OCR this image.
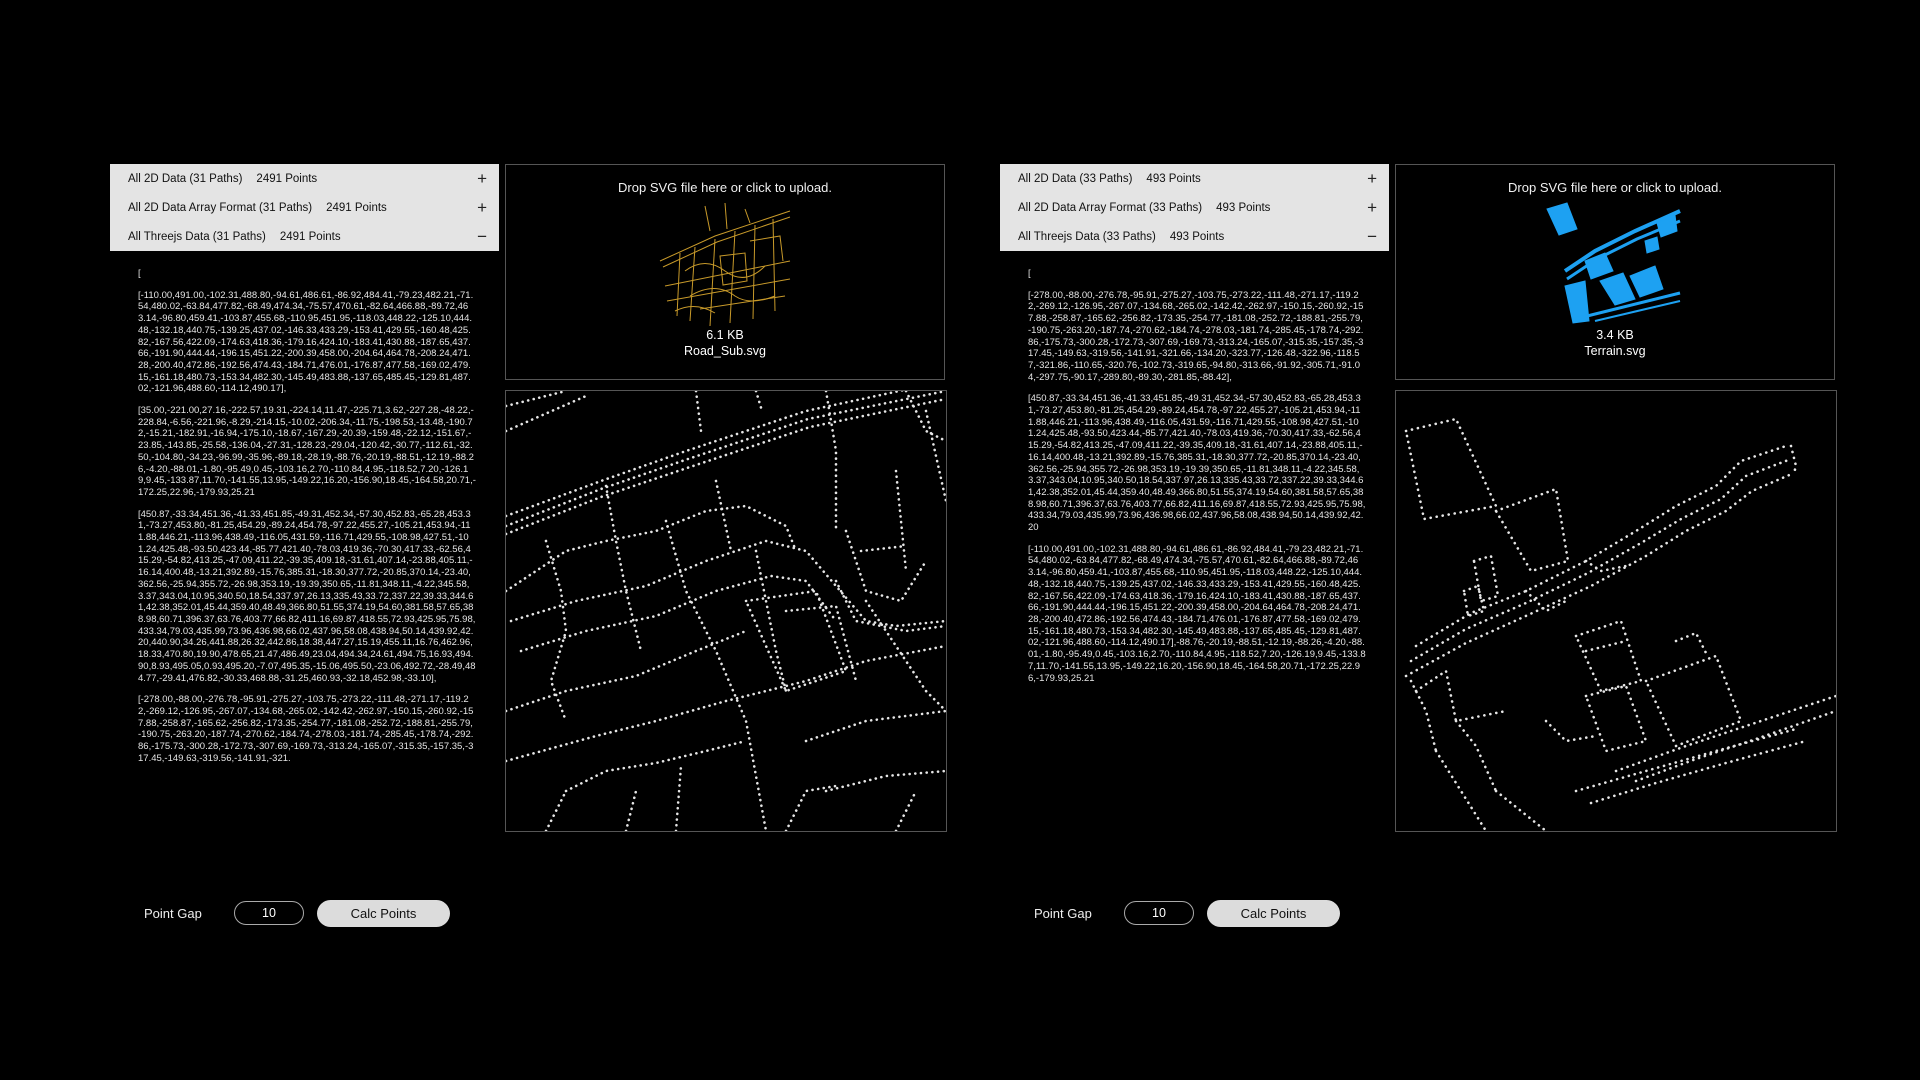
All 2D Data (31 Paths) 2491 Points	+
All 2D Data Array Format (31 Paths) 2491 Points	+
All Threejs Data (31 Paths) 2491 Points	−
[
[-110.00,491.00,-102.31,488.80,-94.61,486.61,-86.92,484.41,-79.23,482.21,-71.54,480.02,-63.84,477.82,-68.49,474.34,-75.57,470.61,-82.64,466.88,-89.72,463.14,-96.80,459.41,-103.87,455.68,-110.95,451.95,-118.03,448.22,-125.10,444.48,-132.18,440.75,-139.25,437.02,-146.33,433.29,-153.41,429.55,-160.48,425.82,-167.56,422.09,-174.63,418.36,-179.16,424.10,-183.41,430.88,-187.65,437.66,-191.90,444.44,-196.15,451.22,-200.39,458.00,-204.64,464.78,-208.24,471.28,-200.40,472.86,-192.56,474.43,-184.71,476.01,-176.87,477.58,-169.02,479.15,-161.18,480.73,-153.34,482.30,-145.49,483.88,-137.65,485.45,-129.81,487.02,-121.96,488.60,-114.12,490.17],
[35.00,-221.00,27.16,-222.57,19.31,-224.14,11.47,-225.71,3.62,-227.28,-48.22,-228.84,-6.56,-221.96,-8.29,-214.15,-10.02,-206.34,-11.75,-198.53,-13.48,-190.72,-15.21,-182.91,-16.94,-175.10,-18.67,-167.29,-20.39,-159.48,-22.12,-151.67,-23.85,-143.85,-25.58,-136.04,-27.31,-128.23,-29.04,-120.42,-30.77,-112.61,-32.50,-104.80,-34.23,-96.99,-35.96,-89.18,-28.19,-88.76,-20.19,-88.51,-12.19,-88.26,-4.20,-88.01,-1.80,-95.49,0.45,-103.16,2.70,-110.84,4.95,-118.52,7.20,-126.19,9.45,-133.87,11.70,-141.55,13.95,-149.22,16.20,-156.90,18.45,-164.58,20.71,-172.25,22.96,-179.93,25.21
[450.87,-33.34,451.36,-41.33,451.85,-49.31,452.34,-57.30,452.83,-65.28,453.31,-73.27,453.80,-81.25,454.29,-89.24,454.78,-97.22,455.27,-105.21,453.94,-111.88,446.21,-113.96,438.49,-116.05,431.59,-116.71,429.55,-108.98,427.51,-101.24,425.48,-93.50,423.44,-85.77,421.40,-78.03,419.36,-70.30,417.33,-62.56,415.29,-54.82,413.25,-47.09,411.22,-39.35,409.18,-31.61,407.14,-23.88,405.11,-16.14,400.48,-13.21,392.89,-15.76,385.31,-18.30,377.72,-20.85,370.14,-23.40,362.56,-25.94,355.72,-26.98,353.19,-19.39,350.65,-11.81,348.11,-4.22,345.58,3.37,343.04,10.95,340.50,18.54,337.97,26.13,335.43,33.72,337.22,39.33,344.61,42.38,352.01,45.44,359.40,48.49,366.80,51.55,374.19,54.60,381.58,57.65,388.98,60.71,396.37,63.76,403.77,66.82,411.16,69.87,418.55,72.93,425.95,75.98,433.34,79.03,435.99,73.96,436.98,66.02,437.96,58.08,438.94,50.14,439.92,42.20,440.90,34.26,441.88,26.32,442.86,18.38,447.27,15.19,455.11,16.76,462.96,18.33,470.80,19.90,478.65,21.47,486.49,23.04,494.34,24.61,494.75,16.93,494.90,8.93,495.05,0.93,495.20,-7.07,495.35,-15.06,495.50,-23.06,492.72,-28.49,484.77,-29.41,476.82,-30.33,468.88,-31.25,460.93,-32.18,452.98,-33.10],
[-278.00,-88.00,-276.78,-95.91,-275.27,-103.75,-273.22,-111.48,-271.17,-119.22,-269.12,-126.95,-267.07,-134.68,-265.02,-142.42,-262.97,-150.15,-260.92,-157.88,-258.87,-165.62,-256.82,-173.35,-254.77,-181.08,-252.72,-188.81,-255.79,-190.75,-263.20,-187.74,-270.62,-184.74,-278.03,-181.74,-285.45,-178.74,-292.86,-175.73,-300.28,-172.73,-307.69,-169.73,-313.24,-165.07,-315.35,-157.35,-317.45,-149.63,-319.56,-141.91,-321.
Drop SVG file here or click to upload.
6.1 KB
Road_Sub.svg
Point Gap
10	Calc Points
All 2D Data (33 Paths) 493 Points	+
All 2D Data Array Format (33 Paths) 493 Points	+
All Threejs Data (33 Paths) 493 Points	−
[
[-278.00,-88.00,-276.78,-95.91,-275.27,-103.75,-273.22,-111.48,-271.17,-119.22,-269.12,-126.95,-267.07,-134.68,-265.02,-142.42,-262.97,-150.15,-260.92,-157.88,-258.87,-165.62,-256.82,-173.35,-254.77,-181.08,-252.72,-188.81,-255.79,-190.75,-263.20,-187.74,-270.62,-184.74,-278.03,-181.74,-285.45,-178.74,-292.86,-175.73,-300.28,-172.73,-307.69,-169.73,-313.24,-165.07,-315.35,-157.35,-317.45,-149.63,-319.56,-141.91,-321.66,-134.20,-323.77,-126.48,-322.96,-118.57,-321.86,-110.65,-320.76,-102.73,-319.65,-94.80,-313.66,-91.92,-305.71,-91.04,-297.75,-90.17,-289.80,-89.30,-281.85,-88.42],
[450.87,-33.34,451.36,-41.33,451.85,-49.31,452.34,-57.30,452.83,-65.28,453.31,-73.27,453.80,-81.25,454.29,-89.24,454.78,-97.22,455.27,-105.21,453.94,-111.88,446.21,-113.96,438.49,-116.05,431.59,-116.71,429.55,-108.98,427.51,-101.24,425.48,-93.50,423.44,-85.77,421.40,-78.03,419.36,-70.30,417.33,-62.56,415.29,-54.82,413.25,-47.09,411.22,-39.35,409.18,-31.61,407.14,-23.88,405.11,-16.14,400.48,-13.21,392.89,-15.76,385.31,-18.30,377.72,-20.85,370.14,-23.40,362.56,-25.94,355.72,-26.98,353.19,-19.39,350.65,-11.81,348.11,-4.22,345.58,3.37,343.04,10.95,340.50,18.54,337.97,26.13,335.43,33.72,337.22,39.33,344.61,42.38,352.01,45.44,359.40,48.49,366.80,51.55,374.19,54.60,381.58,57.65,388.98,60.71,396.37,63.76,403.77,66.82,411.16,69.87,418.55,72.93,425.95,75.98,433.34,79.03,435.99,73.96,436.98,66.02,437.96,58.08,438.94,50.14,439.92,42.20
[-110.00,491.00,-102.31,488.80,-94.61,486.61,-86.92,484.41,-79.23,482.21,-71.54,480.02,-63.84,477.82,-68.49,474.34,-75.57,470.61,-82.64,466.88,-89.72,463.14,-96.80,459.41,-103.87,455.68,-110.95,451.95,-118.03,448.22,-125.10,444.48,-132.18,440.75,-139.25,437.02,-146.33,433.29,-153.41,429.55,-160.48,425.82,-167.56,422.09,-174.63,418.36,-179.16,424.10,-183.41,430.88,-187.65,437.66,-191.90,444.44,-196.15,451.22,-200.39,458.00,-204.64,464.78,-208.24,471.28,-200.40,472.86,-192.56,474.43,-184.71,476.01,-176.87,477.58,-169.02,479.15,-161.18,480.73,-153.34,482.30,-145.49,483.88,-137.65,485.45,-129.81,487.02,-121.96,488.60,-114.12,490.17],-88.76,-20.19,-88.51,-12.19,-88.26,-4.20,-88.01,-1.80,-95.49,0.45,-103.16,2.70,-110.84,4.95,-118.52,7.20,-126.19,9.45,-133.87,11.70,-141.55,13.95,-149.22,16.20,-156.90,18.45,-164.58,20.71,-172.25,22.96,-179.93,25.21
Drop SVG file here or click to upload.
3.4 KB
Terrain.svg
Point Gap
10	Calc Points
